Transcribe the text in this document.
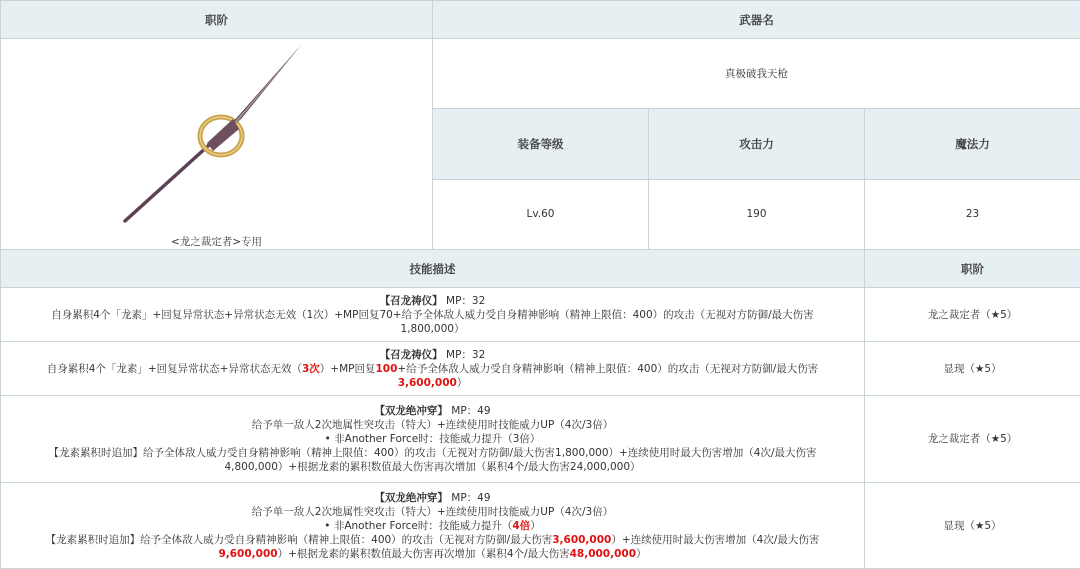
职阶	武器名		

<龙之裁定者>专用	真极破我天枪		
	装备等级	攻击力	魔法力
	Lv.60	190	23
技能描述			职阶

【召龙祷仪】 MP：32
自身累积4个「龙素」+回复异常状态+异常状态无效（1次）+MP回复70+给予全体敌人威力受自身精神影响（精神上限值：400）的攻击（无视对方防御/最大伤害
1,800,000）			龙之裁定者（★5）

【召龙祷仪】 MP：32
自身累积4个「龙素」+回复异常状态+异常状态无效（3次）+MP回复100+给予全体敌人威力受自身精神影响（精神上限值：400）的攻击（无视对方防御/最大伤害
3,600,000）			显现（★5）

【双龙绝冲穿】 MP：49
给予单一敌人2次地属性突攻击（特大）+连续使用时技能威力UP（4次/3倍）
• 非Another Force时：技能威力提升（3倍）
【龙素累积时追加】给予全体敌人威力受自身精神影响（精神上限值：400）的攻击（无视对方防御/最大伤害1,800,000）+连续使用时最大伤害增加（4次/最大伤害
4,800,000）+根据龙素的累积数值最大伤害再次增加（累积4个/最大伤害24,000,000）			龙之裁定者（★5）

【双龙绝冲穿】 MP：49
给予单一敌人2次地属性突攻击（特大）+连续使用时技能威力UP（4次/3倍）
• 非Another Force时：技能威力提升（4倍）
【龙素累积时追加】给予全体敌人威力受自身精神影响（精神上限值：400）的攻击（无视对方防御/最大伤害3,600,000）+连续使用时最大伤害增加（4次/最大伤害
9,600,000）+根据龙素的累积数值最大伤害再次增加（累积4个/最大伤害48,000,000）			显现（★5）
